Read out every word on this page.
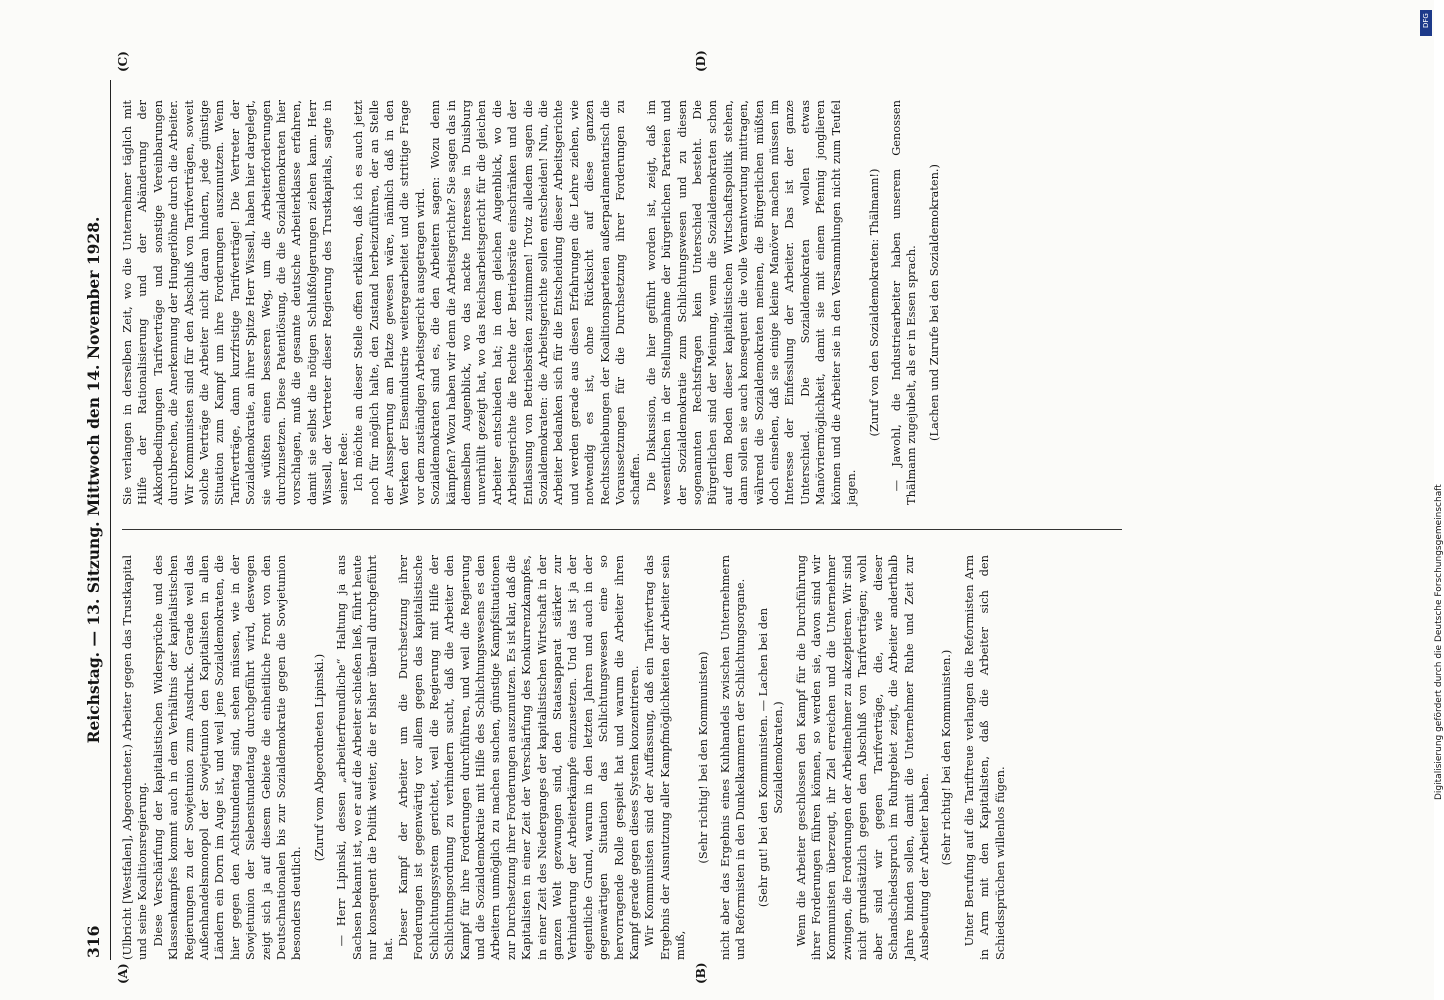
316
Reichstag. — 13. Sitzung. Mittwoch den 14. November 1928.
(A)	(B)
(C)	(D)

(Ulbricht [Westfalen], Abgeordneter.) Arbeiter gegen das Trustkapital und seine Koalitionsregierung. Diese Verschärfung der kapitalistischen Widersprüche und des Klassenkampfes kommt auch in dem Verhältnis der kapitalistischen Regierungen zu der Sowjetunion zum Ausdruck. Gerade weil das Außenhandelsmonopol der Sowjetunion den Kapitalisten in allen Ländern ein Dorn im Auge ist, und weil jene Sozialdemokraten, die hier gegen den Achtstundentag sind, sehen müssen, wie in der Sowjetunion der Siebenstundentag durchgeführt wird, deswegen zeigt sich ja auf diesem Gebiete die einheitliche Front von den Deutschnationalen bis zur Sozialdemokratie gegen die Sowjetunion besonders deutlich.

(Zuruf vom Abgeordneten Lipinski.) — Herr Lipinski, dessen „arbeiterfreundliche“ Haltung ja aus Sachsen bekannt ist, wo er auf die Arbeiter schießen ließ, führt heute nur konsequent die Politik weiter, die er bisher überall durchgeführt hat.

Dieser Kampf der Arbeiter um die Durchsetzung ihrer Forderungen ist gegenwärtig vor allem gegen das kapitalistische Schlichtungssystem gerichtet, weil die Regierung mit Hilfe der Schlichtungsordnung zu verhindern sucht, daß die Arbeiter den Kampf für ihre Forderungen durchführen, und weil die Regierung und die Sozialdemokratie mit Hilfe des Schlichtungswesens es den Arbeitern unmöglich zu machen suchen, günstige Kampfsituationen zur Durchsetzung ihrer Forderungen auszunutzen. Es ist klar, daß die Kapitalisten in einer Zeit der Verschärfung des Konkurrenzkampfes, in einer Zeit des Niederganges der kapitalistischen Wirtschaft in der ganzen Welt gezwungen sind, den Staatsapparat stärker zur Verhinderung der Arbeiterkämpfe einzusetzen. Und das ist ja der eigentliche Grund, warum in den letzten Jahren und auch in der gegenwärtigen Situation das Schlichtungswesen eine so hervorragende Rolle gespielt hat und warum die Arbeiter ihren Kampf gerade gegen dieses System konzentrieren. Wir Kommunisten sind der Auffassung, daß ein Tarifvertrag das Ergebnis der Ausnutzung aller Kampfmöglichkeiten der Arbeiter sein muß,

(Sehr richtig! bei den Kommunisten) nicht aber das Ergebnis eines Kuhhandels zwischen Unternehmern und Reformisten in den Dunkelkammern der Schlichtungsorgane. (Sehr gut! bei den Kommunisten. — Lachen bei den Sozialdemokraten.) Wenn die Arbeiter geschlossen den Kampf für die Durchführung ihrer Forderungen führen können, so werden sie, davon sind wir Kommunisten überzeugt, ihr Ziel erreichen und die Unternehmer zwingen, die Forderungen der Arbeitnehmer zu akzeptieren. Wir sind nicht grundsätzlich gegen den Abschluß von Tarifverträgen; wohl aber sind wir gegen Tarifverträge, die, wie dieser Schandschiedsspruch im Ruhrgebiet zeigt, die Arbeiter anderthalb Jahre binden sollen, damit die Unternehmer Ruhe und Zeit zur Ausbeutung der Arbeiter haben.

(Sehr richtig! bei den Kommunisten.) Unter Berufung auf die Tariftreue verlangen die Reformisten Arm in Arm mit den Kapitalisten, daß die Arbeiter sich den Schiedssprüchen willenlos fügen.

Sie verlangen in derselben Zeit, wo die Unternehmer täglich mit Hilfe der Rationalisierung und der Abänderung der Akkordbedingungen Tarifverträge und sonstige Vereinbarungen durchbrechen, die Anerkennung der Hungerlöhne durch die Arbeiter. Wir Kommunisten sind für den Abschluß von Tarifverträgen, soweit solche Verträge die Arbeiter nicht daran hindern, jede günstige Situation zum Kampf um ihre Forderungen auszunutzen. Wenn Tarifverträge, dann kurzfristige Tarifverträge! Die Vertreter der Sozialdemokratie, an ihrer Spitze Herr Wissell, haben hier dargelegt, sie wüßten einen besseren Weg, um die Arbeiterforderungen durchzusetzen. Diese Patentlösung, die die Sozialdemokraten hier vorschlagen, muß die gesamte deutsche Arbeiterklasse erfahren, damit sie selbst die nötigen Schlußfolgerungen ziehen kann. Herr Wissell, der Vertreter dieser Regierung des Trustkapitals, sagte in seiner Rede: Ich möchte an dieser Stelle offen erklären, daß ich es auch jetzt noch für möglich halte, den Zustand herbeizuführen, der an Stelle der Aussperrung am Platze gewesen wäre, nämlich daß in den Werken der Eisenindustrie weitergearbeitet und die strittige Frage vor dem zuständigen Arbeitsgericht ausgetragen wird. Sozialdemokraten sind es, die den Arbeitern sagen: Wozu denn kämpfen? Wozu haben wir denn die Arbeitsgerichte? Sie sagen das in demselben Augenblick, wo das nackte Interesse in Duisburg unverhüllt gezeigt hat, wo das Reichsarbeitsgericht für die gleichen Arbeiter entschieden hat; in dem gleichen Augenblick, wo die Arbeitsgerichte die Rechte der Betriebsräte einschränken und der Entlassung von Betriebsräten zustimmen! Trotz alledem sagen die Sozialdemokraten: die Arbeitsgerichte sollen entscheiden! Nun, die Arbeiter bedanken sich für die Entscheidung dieser Arbeitsgerichte und werden gerade aus diesen Erfahrungen die Lehre ziehen, wie notwendig es ist, ohne Rücksicht auf diese ganzen Rechtsschiebungen der Koalitionsparteien außerparlamentarisch die Voraussetzungen für die Durchsetzung ihrer Forderungen zu schaffen. Die Diskussion, die hier geführt worden ist, zeigt, daß im wesentlichen in der Stellungnahme der bürgerlichen Parteien und der Sozialdemokratie zum Schlichtungswesen und zu diesen sogenannten Rechtsfragen kein Unterschied besteht. Die Bürgerlichen sind der Meinung, wenn die Sozialdemokraten schon auf dem Boden dieser kapitalistischen Wirtschaftspolitik stehen, dann sollen sie auch konsequent die volle Verantwortung mittragen, während die Sozialdemokraten meinen, die Bürgerlichen müßten doch einsehen, daß sie einige kleine Manöver machen müssen im Interesse der Einfesslung der Arbeiter. Das ist der ganze Unterschied. Die Sozialdemokraten wollen etwas Manövriermöglichkeit, damit sie mit einem Pfennig jonglieren können und die Arbeiter sie in den Versammlungen nicht zum Teufel jagen.

(Zuruf von den Sozialdemokraten: Thälmann!) — Jawohl, die Industriearbeiter haben unserem Genossen Thälmann zugejubelt, als er in Essen sprach. (Lachen und Zurufe bei den Sozialdemokraten.)

Digitalisierung gefördert durch die Deutsche Forschungsgemeinschaft
DFG
